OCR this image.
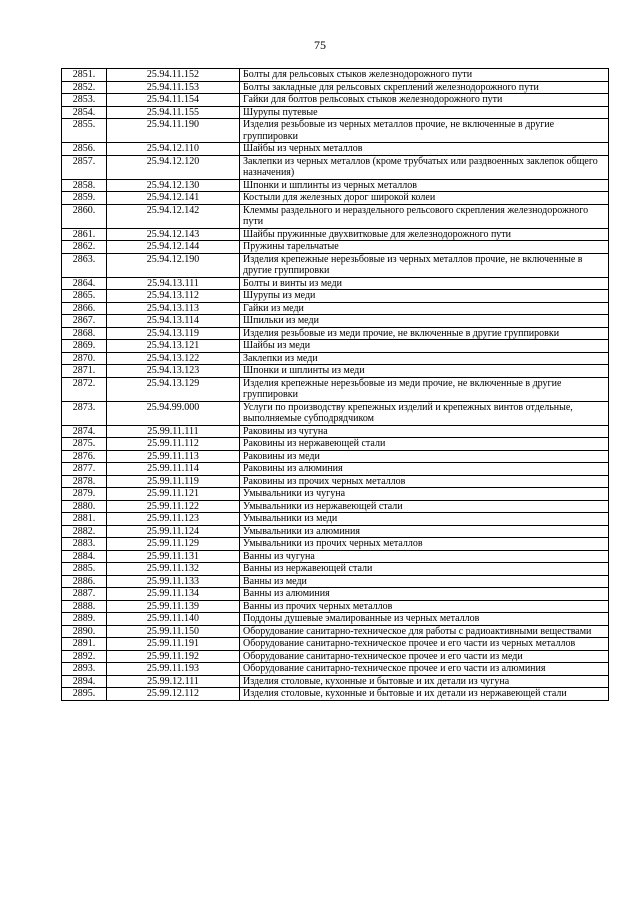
75
2851.	25.94.11.152	Болты для рельсовых стыков железнодорожного пути
2852.	25.94.11.153	Болты закладные для рельсовых скреплений железнодорожного пути
2853.	25.94.11.154	Гайки для болтов рельсовых стыков железнодорожного пути
2854.	25.94.11.155	Шурупы путевые
2855.	25.94.11.190	Изделия резьбовые из черных металлов прочие, не включенные в другие группировки
2856.	25.94.12.110	Шайбы из черных металлов
2857.	25.94.12.120	Заклепки из черных металлов (кроме трубчатых или раздвоенных заклепок общего назначения)
2858.	25.94.12.130	Шпонки и шплинты из черных металлов
2859.	25.94.12.141	Костыли для железных дорог широкой колеи
2860.	25.94.12.142	Клеммы раздельного и нераздельного рельсового скрепления железнодорожного пути
2861.	25.94.12.143	Шайбы пружинные двухвитковые для железнодорожного пути
2862.	25.94.12.144	Пружины тарельчатые
2863.	25.94.12.190	Изделия крепежные нерезьбовые из черных металлов прочие, не включенные в другие группировки
2864.	25.94.13.111	Болты и винты из меди
2865.	25.94.13.112	Шурупы из меди
2866.	25.94.13.113	Гайки из меди
2867.	25.94.13.114	Шпильки из меди
2868.	25.94.13.119	Изделия резьбовые из меди прочие, не включенные в другие группировки
2869.	25.94.13.121	Шайбы из меди
2870.	25.94.13.122	Заклепки из меди
2871.	25.94.13.123	Шпонки и шплинты из меди
2872.	25.94.13.129	Изделия крепежные нерезьбовые из меди прочие, не включенные в другие группировки
2873.	25.94.99.000	Услуги по производству крепежных изделий и крепежных винтов отдельные, выполняемые субподрядчиком
2874.	25.99.11.111	Раковины из чугуна
2875.	25.99.11.112	Раковины из нержавеющей стали
2876.	25.99.11.113	Раковины из меди
2877.	25.99.11.114	Раковины из алюминия
2878.	25.99.11.119	Раковины из прочих черных металлов
2879.	25.99.11.121	Умывальники из чугуна
2880.	25.99.11.122	Умывальники из нержавеющей стали
2881.	25.99.11.123	Умывальники из меди
2882.	25.99.11.124	Умывальники из алюминия
2883.	25.99.11.129	Умывальники из прочих черных металлов
2884.	25.99.11.131	Ванны из чугуна
2885.	25.99.11.132	Ванны из нержавеющей стали
2886.	25.99.11.133	Ванны из меди
2887.	25.99.11.134	Ванны из алюминия
2888.	25.99.11.139	Ванны из прочих черных металлов
2889.	25.99.11.140	Поддоны душевые эмалированные из черных металлов
2890.	25.99.11.150	Оборудование санитарно-техническое для работы с радиоактивными веществами
2891.	25.99.11.191	Оборудование санитарно-техническое прочее и его части из черных металлов
2892.	25.99.11.192	Оборудование санитарно-техническое прочее и его части из меди
2893.	25.99.11.193	Оборудование санитарно-техническое прочее и его части из алюминия
2894.	25.99.12.111	Изделия столовые, кухонные и бытовые и их детали из чугуна
2895.	25.99.12.112	Изделия столовые, кухонные и бытовые и их детали из нержавеющей стали
